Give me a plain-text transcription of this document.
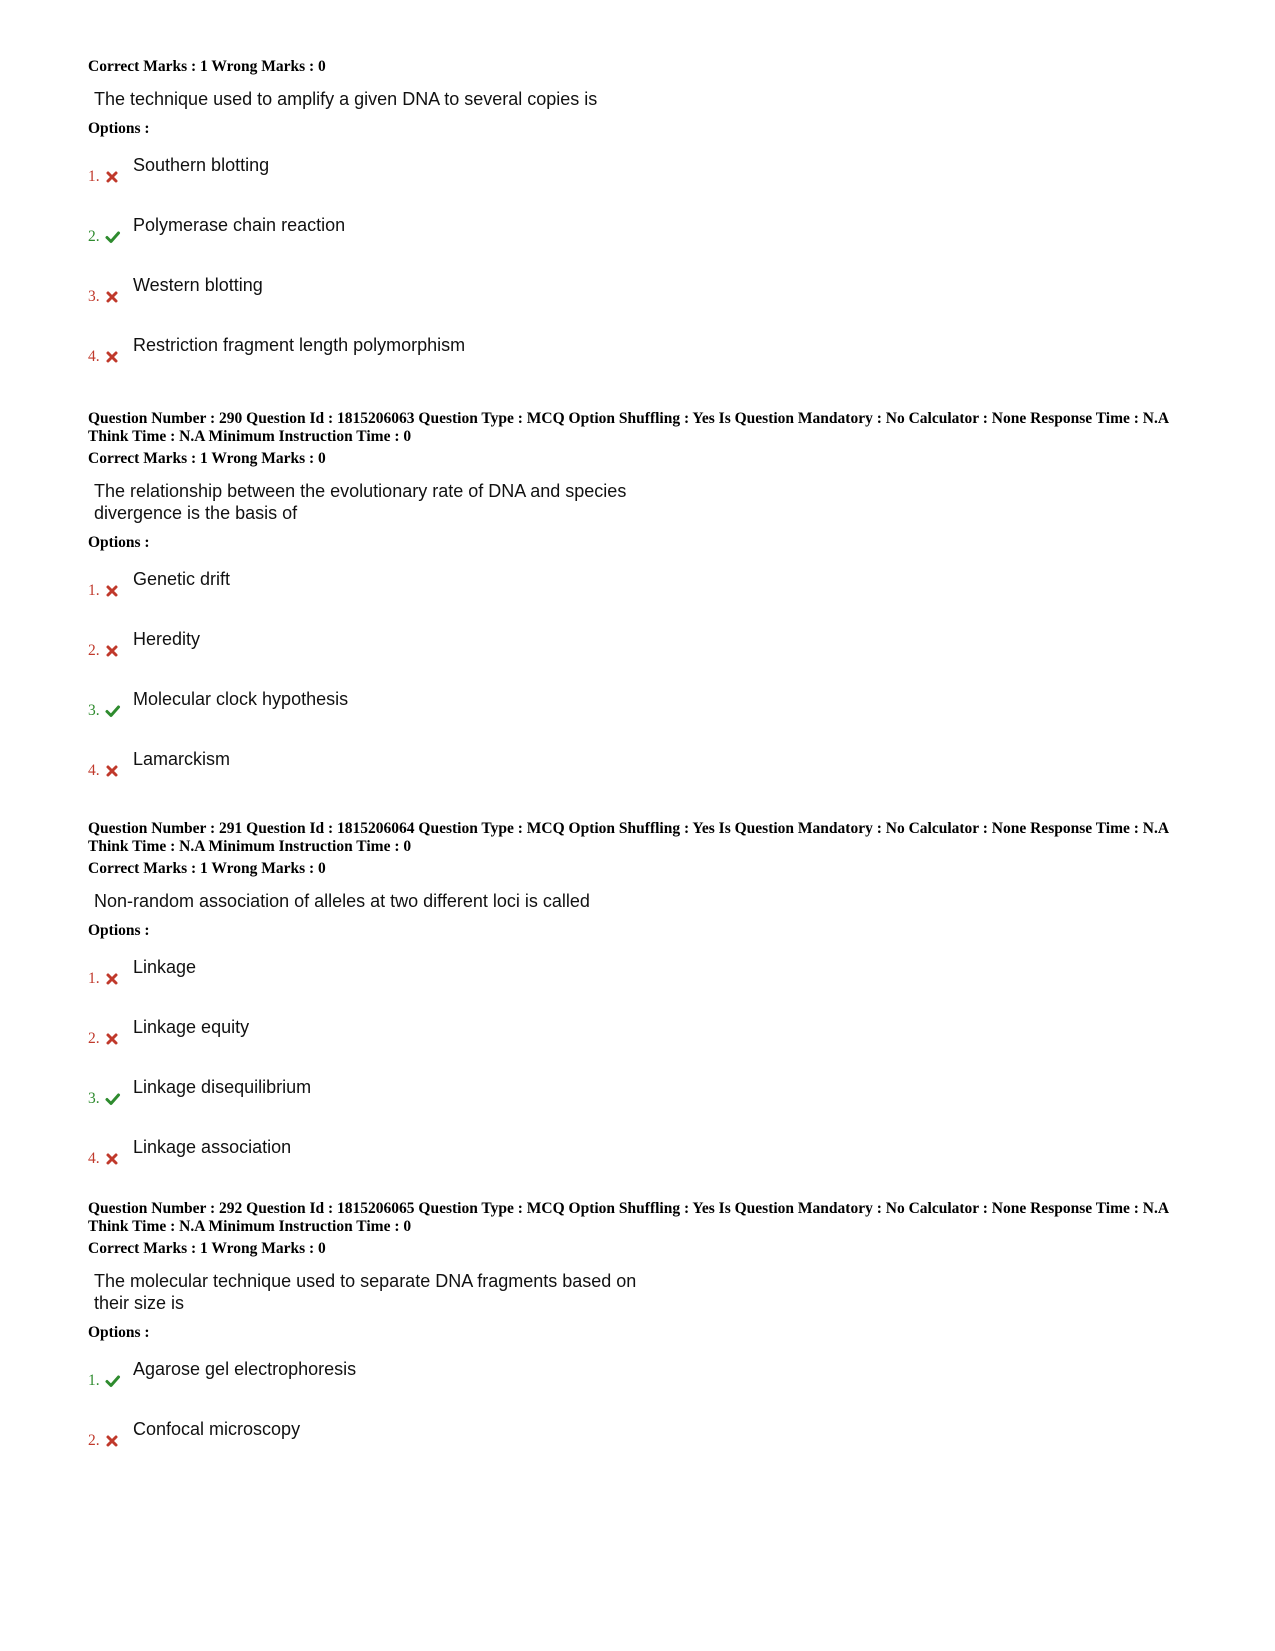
Correct Marks : 1 Wrong Marks : 0

The technique used to amplify a given DNA to several copies is

Options :

1.
Southern blotting
2.
Polymerase chain reaction
3.
Western blotting
4.
Restriction fragment length polymorphism

Question Number : 290 Question Id : 1815206063 Question Type : MCQ Option Shuffling : Yes Is Question Mandatory : No Calculator : None Response Time : N.A Think Time : N.A Minimum Instruction Time : 0

Correct Marks : 1 Wrong Marks : 0

The relationship between the evolutionary rate of DNA and species
divergence is the basis of

Options :

1.
Genetic drift
2.
Heredity
3.
Molecular clock hypothesis
4.
Lamarckism

Question Number : 291 Question Id : 1815206064 Question Type : MCQ Option Shuffling : Yes Is Question Mandatory : No Calculator : None Response Time : N.A Think Time : N.A Minimum Instruction Time : 0

Correct Marks : 1 Wrong Marks : 0

Non-random association of alleles at two different loci is called

Options :

1.
Linkage
2.
Linkage equity
3.
Linkage disequilibrium
4.
Linkage association

Question Number : 292 Question Id : 1815206065 Question Type : MCQ Option Shuffling : Yes Is Question Mandatory : No Calculator : None Response Time : N.A Think Time : N.A Minimum Instruction Time : 0

Correct Marks : 1 Wrong Marks : 0

The molecular technique used to separate DNA fragments based on
their size is

Options :

1.
Agarose gel electrophoresis
2.
Confocal microscopy
